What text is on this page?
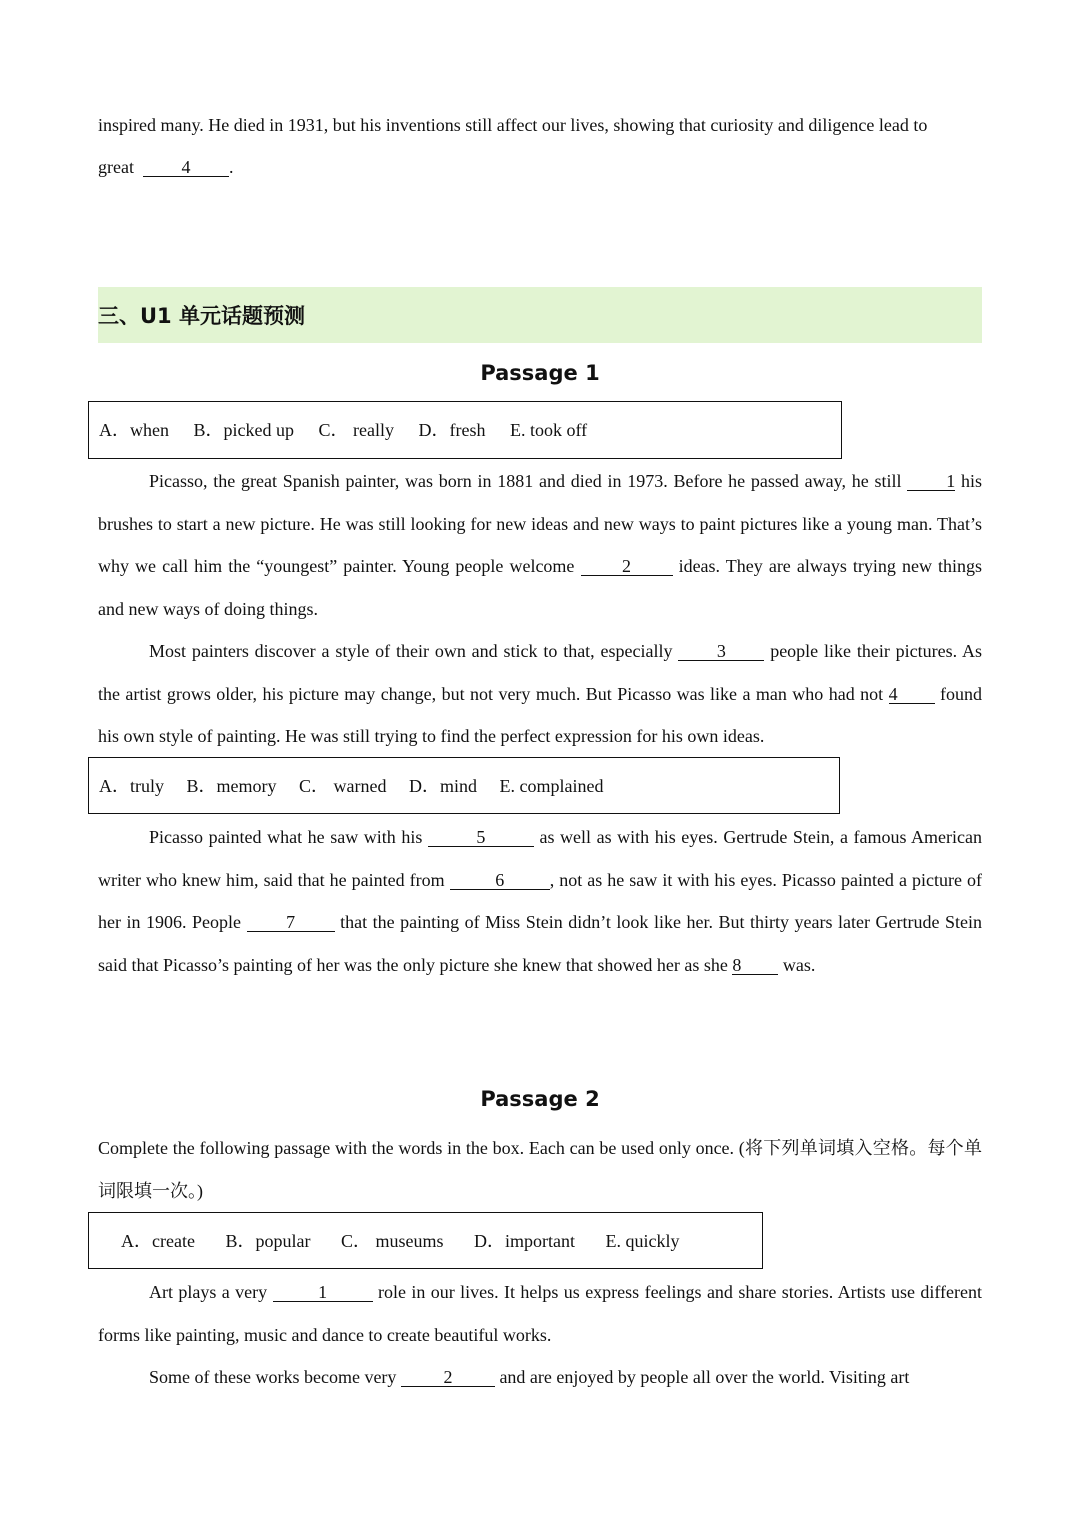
inspired many. He died in 1931, but his inventions still affect our lives, showing that curiosity and diligence lead to
great	4 .
三、U1 单元话题预测
Passage 1
A．when B．picked up C． really D．fresh E. took off

Picasso, the great Spanish painter, was born in 1881 and died in 1973. Before he passed away, he still 1 his brushes to start a new picture. He was still looking for new ideas and new ways to paint pictures like a young man. That’s why we call him the “youngest” painter. Young people welcome	2	ideas. They are always trying new things and new ways of doing things.

Most painters discover a style of their own and stick to that, especially 3 people like their pictures. As the artist grows older, his picture may change, but not very much. But Picasso was like a man who had not 4 found his own style of painting. He was still trying to find the perfect expression for his own ideas.

A．truly B．memory C． warned D．mind E. complained

Picasso painted what he saw with his	5	as well as with his eyes. Gertrude Stein, a famous American writer who knew him, said that he painted from	6	, not as he saw it with his eyes. Picasso painted a picture of her in 1906. People	7	that the painting of Miss Stein didn’t look like her. But thirty years later Gertrude Stein said that Picasso’s painting of her was the only picture she knew that showed her as she 8 was.

Passage 2

Complete the following passage with the words in the box. Each can be used only once. (将下列单词填入空格。每个单词限填一次。)

A．create B．popular C． museums D．important E. quickly

Art plays a very	1	role in our lives. It helps us express feelings and share stories. Artists use different forms like painting, music and dance to create beautiful works.

Some of these works become very	2	and are enjoyed by people all over the world. Visiting art
